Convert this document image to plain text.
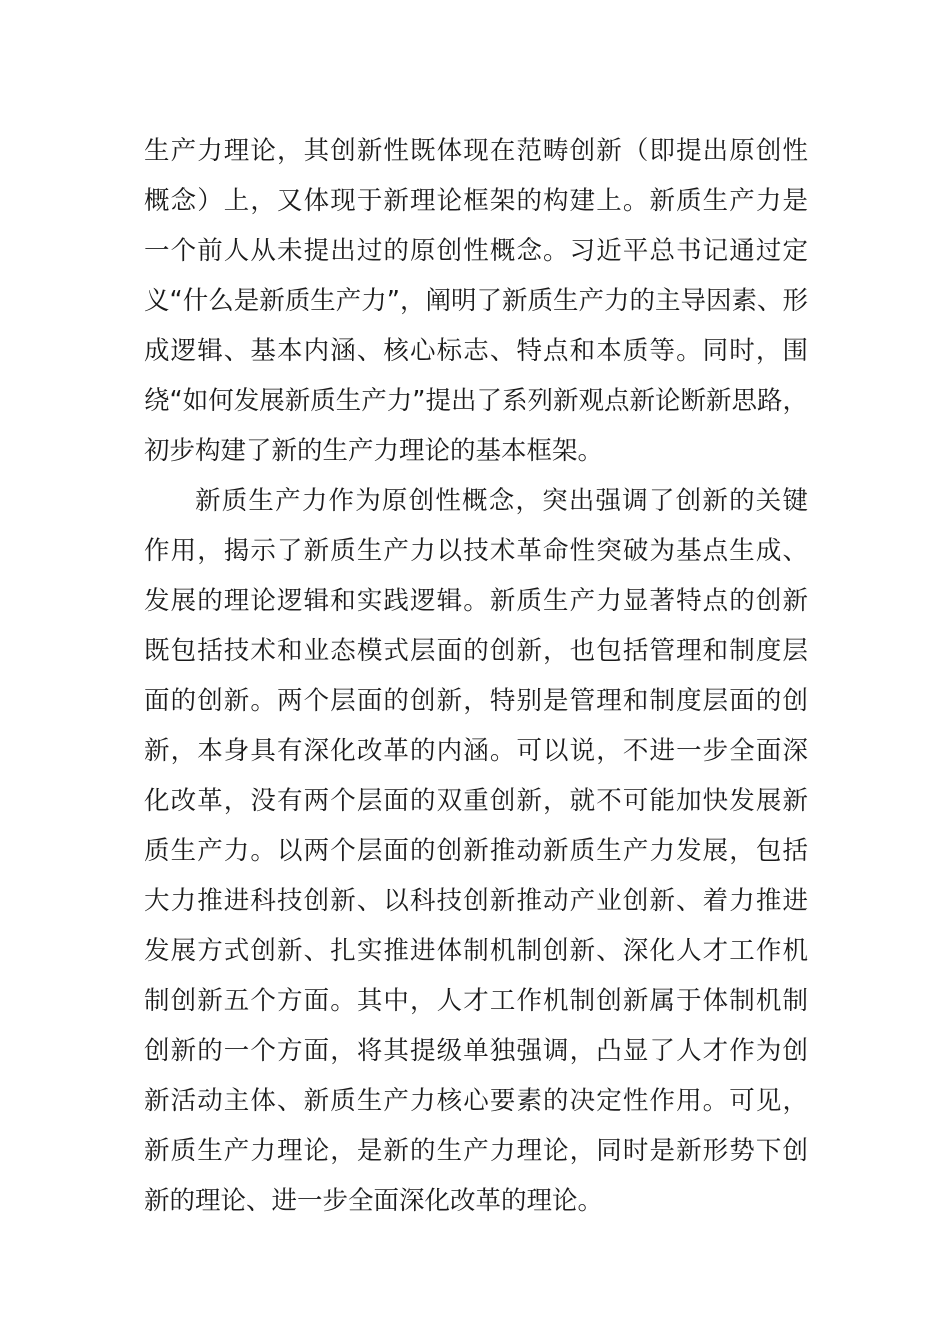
生产力理论，其创新性既体现在范畴创新（即提出原创性
概念）上，又体现于新理论框架的构建上。新质生产力是
一个前人从未提出过的原创性概念。习近平总书记通过定
义“什么是新质生产力”，阐明了新质生产力的主导因素、形
成逻辑、基本内涵、核心标志、特点和本质等。同时，围
绕“如何发展新质生产力”提出了系列新观点新论断新思路，
初步构建了新的生产力理论的基本框架。
新质生产力作为原创性概念，突出强调了创新的关键
作用，揭示了新质生产力以技术革命性突破为基点生成、
发展的理论逻辑和实践逻辑。新质生产力显著特点的创新
既包括技术和业态模式层面的创新，也包括管理和制度层
面的创新。两个层面的创新，特别是管理和制度层面的创
新，本身具有深化改革的内涵。可以说，不进一步全面深
化改革，没有两个层面的双重创新，就不可能加快发展新
质生产力。以两个层面的创新推动新质生产力发展，包括
大力推进科技创新、以科技创新推动产业创新、着力推进
发展方式创新、扎实推进体制机制创新、深化人才工作机
制创新五个方面。其中，人才工作机制创新属于体制机制
创新的一个方面，将其提级单独强调，凸显了人才作为创
新活动主体、新质生产力核心要素的决定性作用。可见，
新质生产力理论，是新的生产力理论，同时是新形势下创
新的理论、进一步全面深化改革的理论。
